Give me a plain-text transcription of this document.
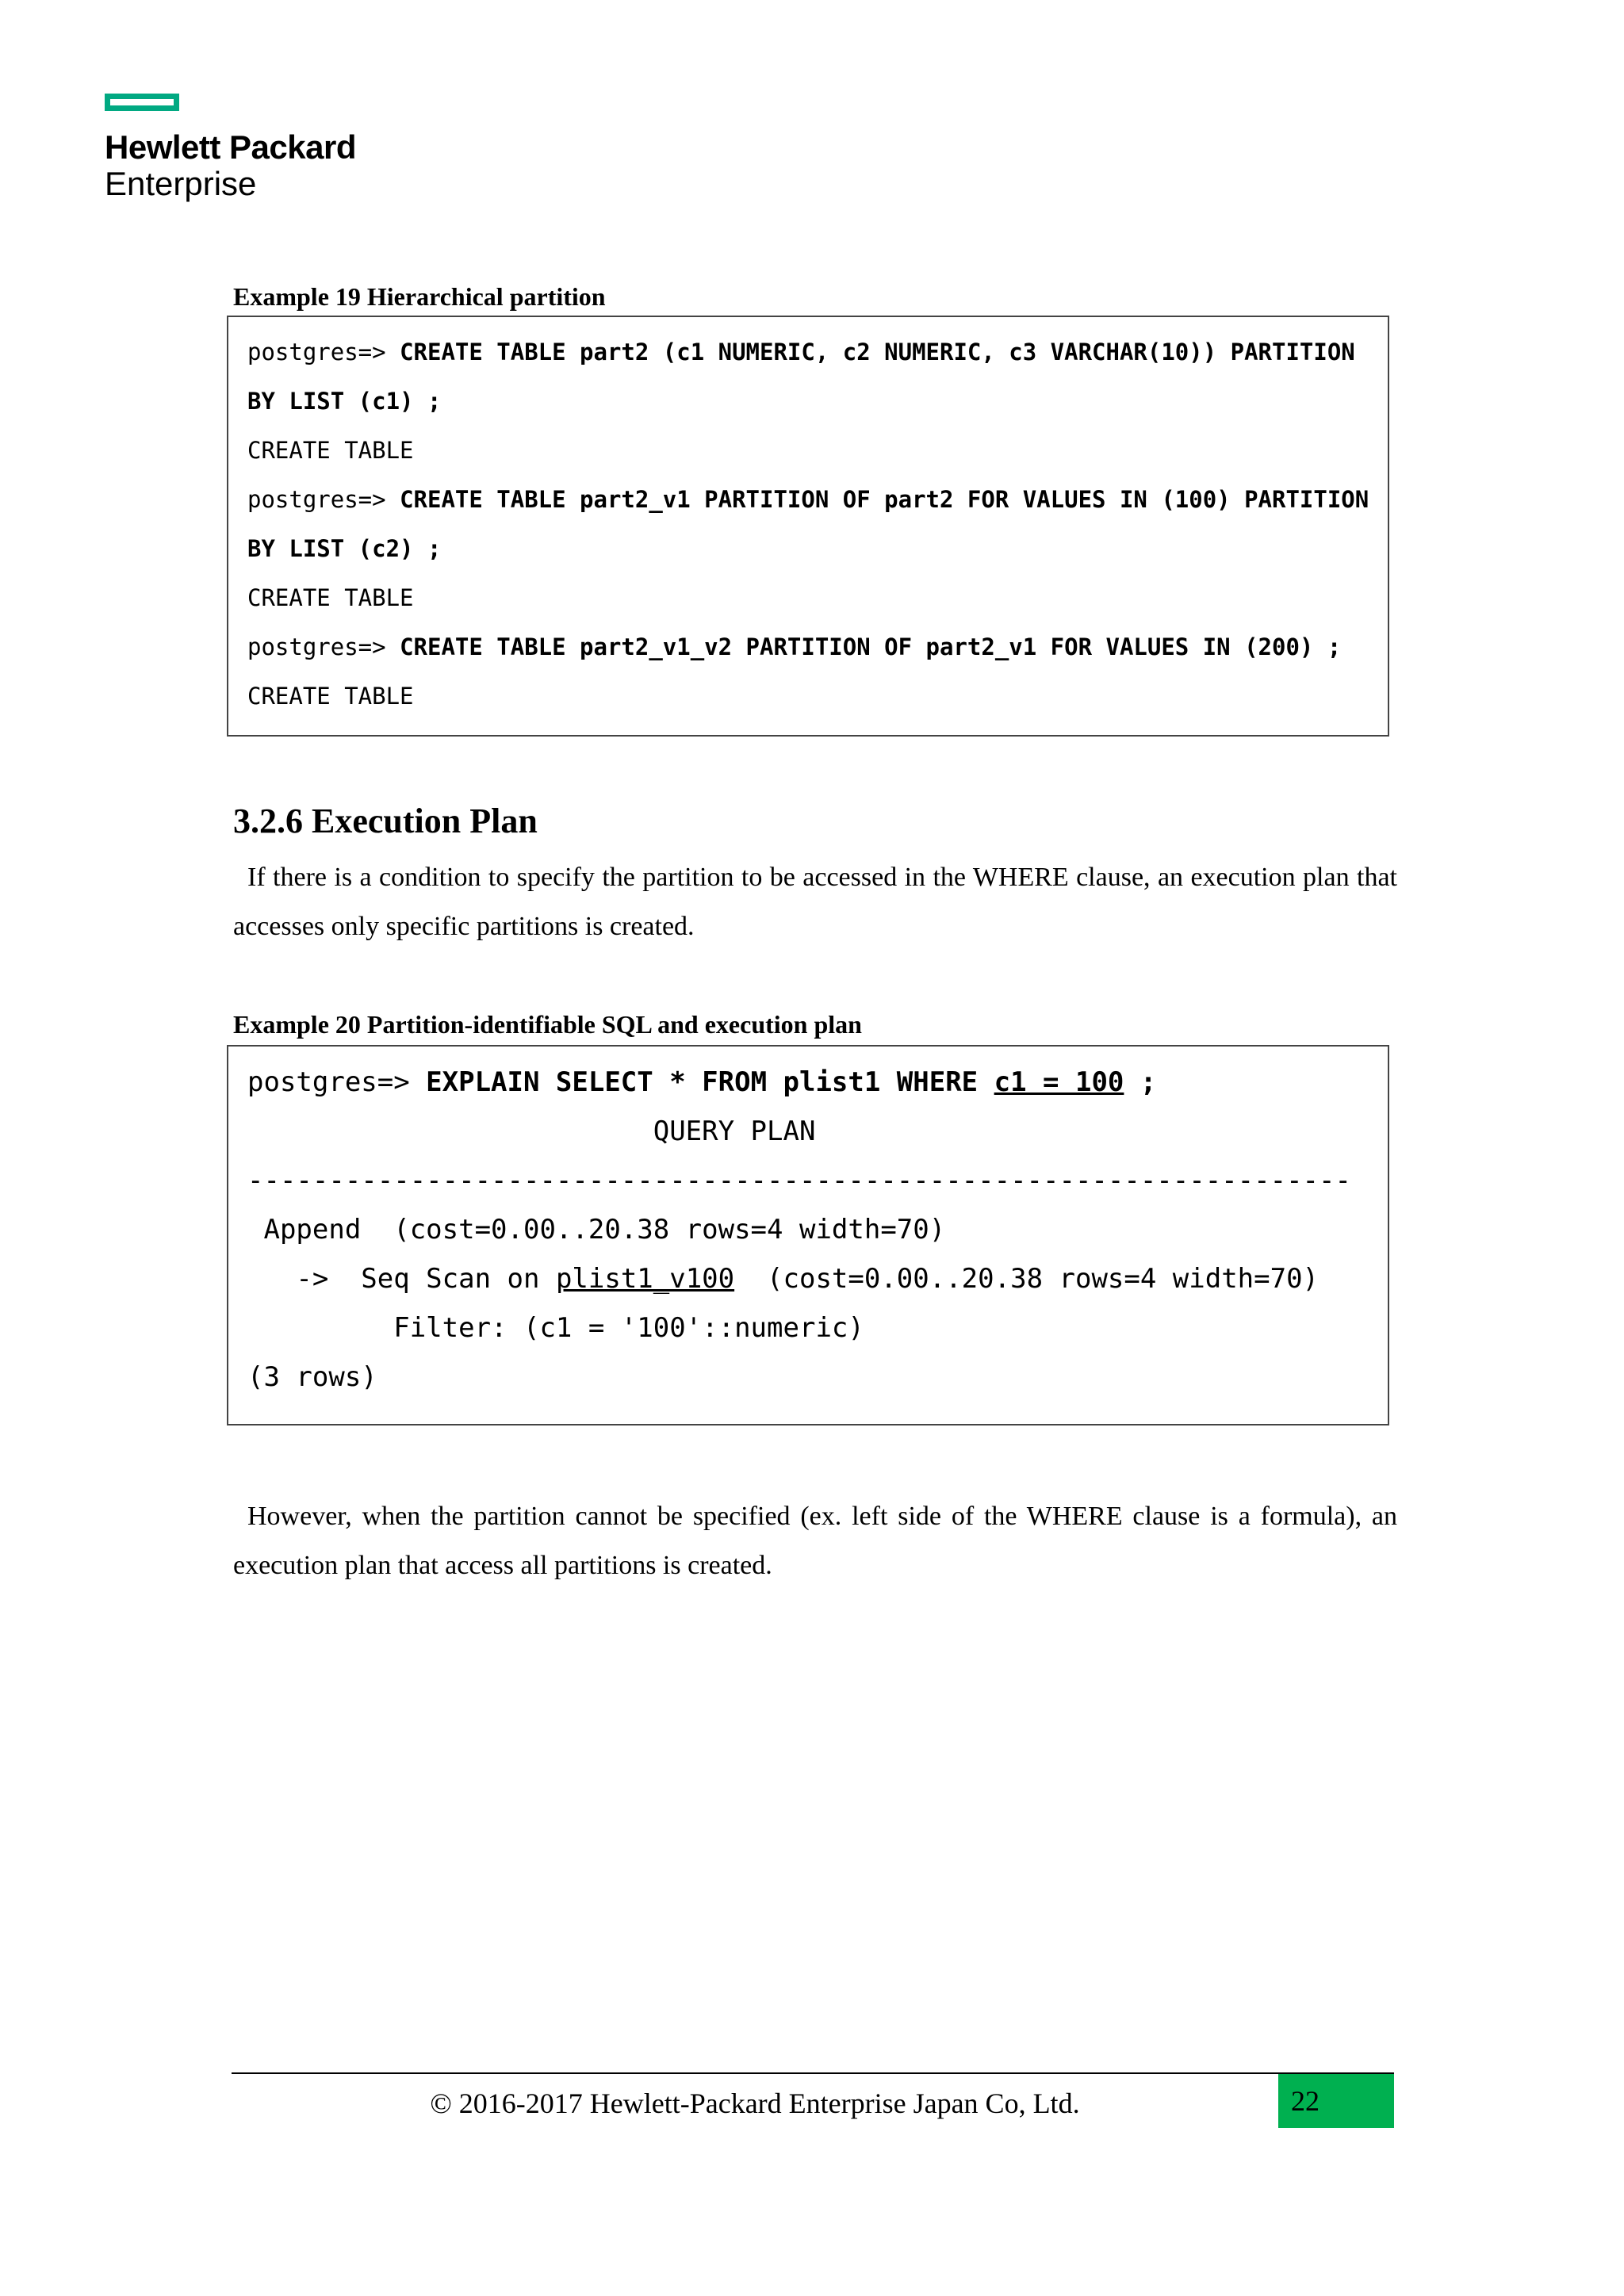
Hewlett Packard
Enterprise
Example 19 Hierarchical partition
postgres=> CREATE TABLE part2 (c1 NUMERIC, c2 NUMERIC, c3 VARCHAR(10)) PARTITION
BY LIST (c1) ;
CREATE TABLE
postgres=> CREATE TABLE part2_v1 PARTITION OF part2 FOR VALUES IN (100) PARTITION
BY LIST (c2) ;
CREATE TABLE
postgres=> CREATE TABLE part2_v1_v2 PARTITION OF part2_v1 FOR VALUES IN (200) ;
CREATE TABLE
3.2.6 Execution Plan
If there is a condition to specify the partition to be accessed in the WHERE clause, an execution plan that accesses only specific partitions is created.
Example 20 Partition-identifiable SQL and execution plan
postgres=> EXPLAIN SELECT * FROM plist1 WHERE c1 = 100 ;
QUERY PLAN
--------------------------------------------------------------------
Append  (cost=0.00..20.38 rows=4 width=70)
->  Seq Scan on plist1_v100  (cost=0.00..20.38 rows=4 width=70)
Filter: (c1 = '100'::numeric)
(3 rows)
However, when the partition cannot be specified (ex. left side of the WHERE clause is a formula), an execution plan that access all partitions is created.
© 2016-2017 Hewlett-Packard Enterprise Japan Co, Ltd.	22
